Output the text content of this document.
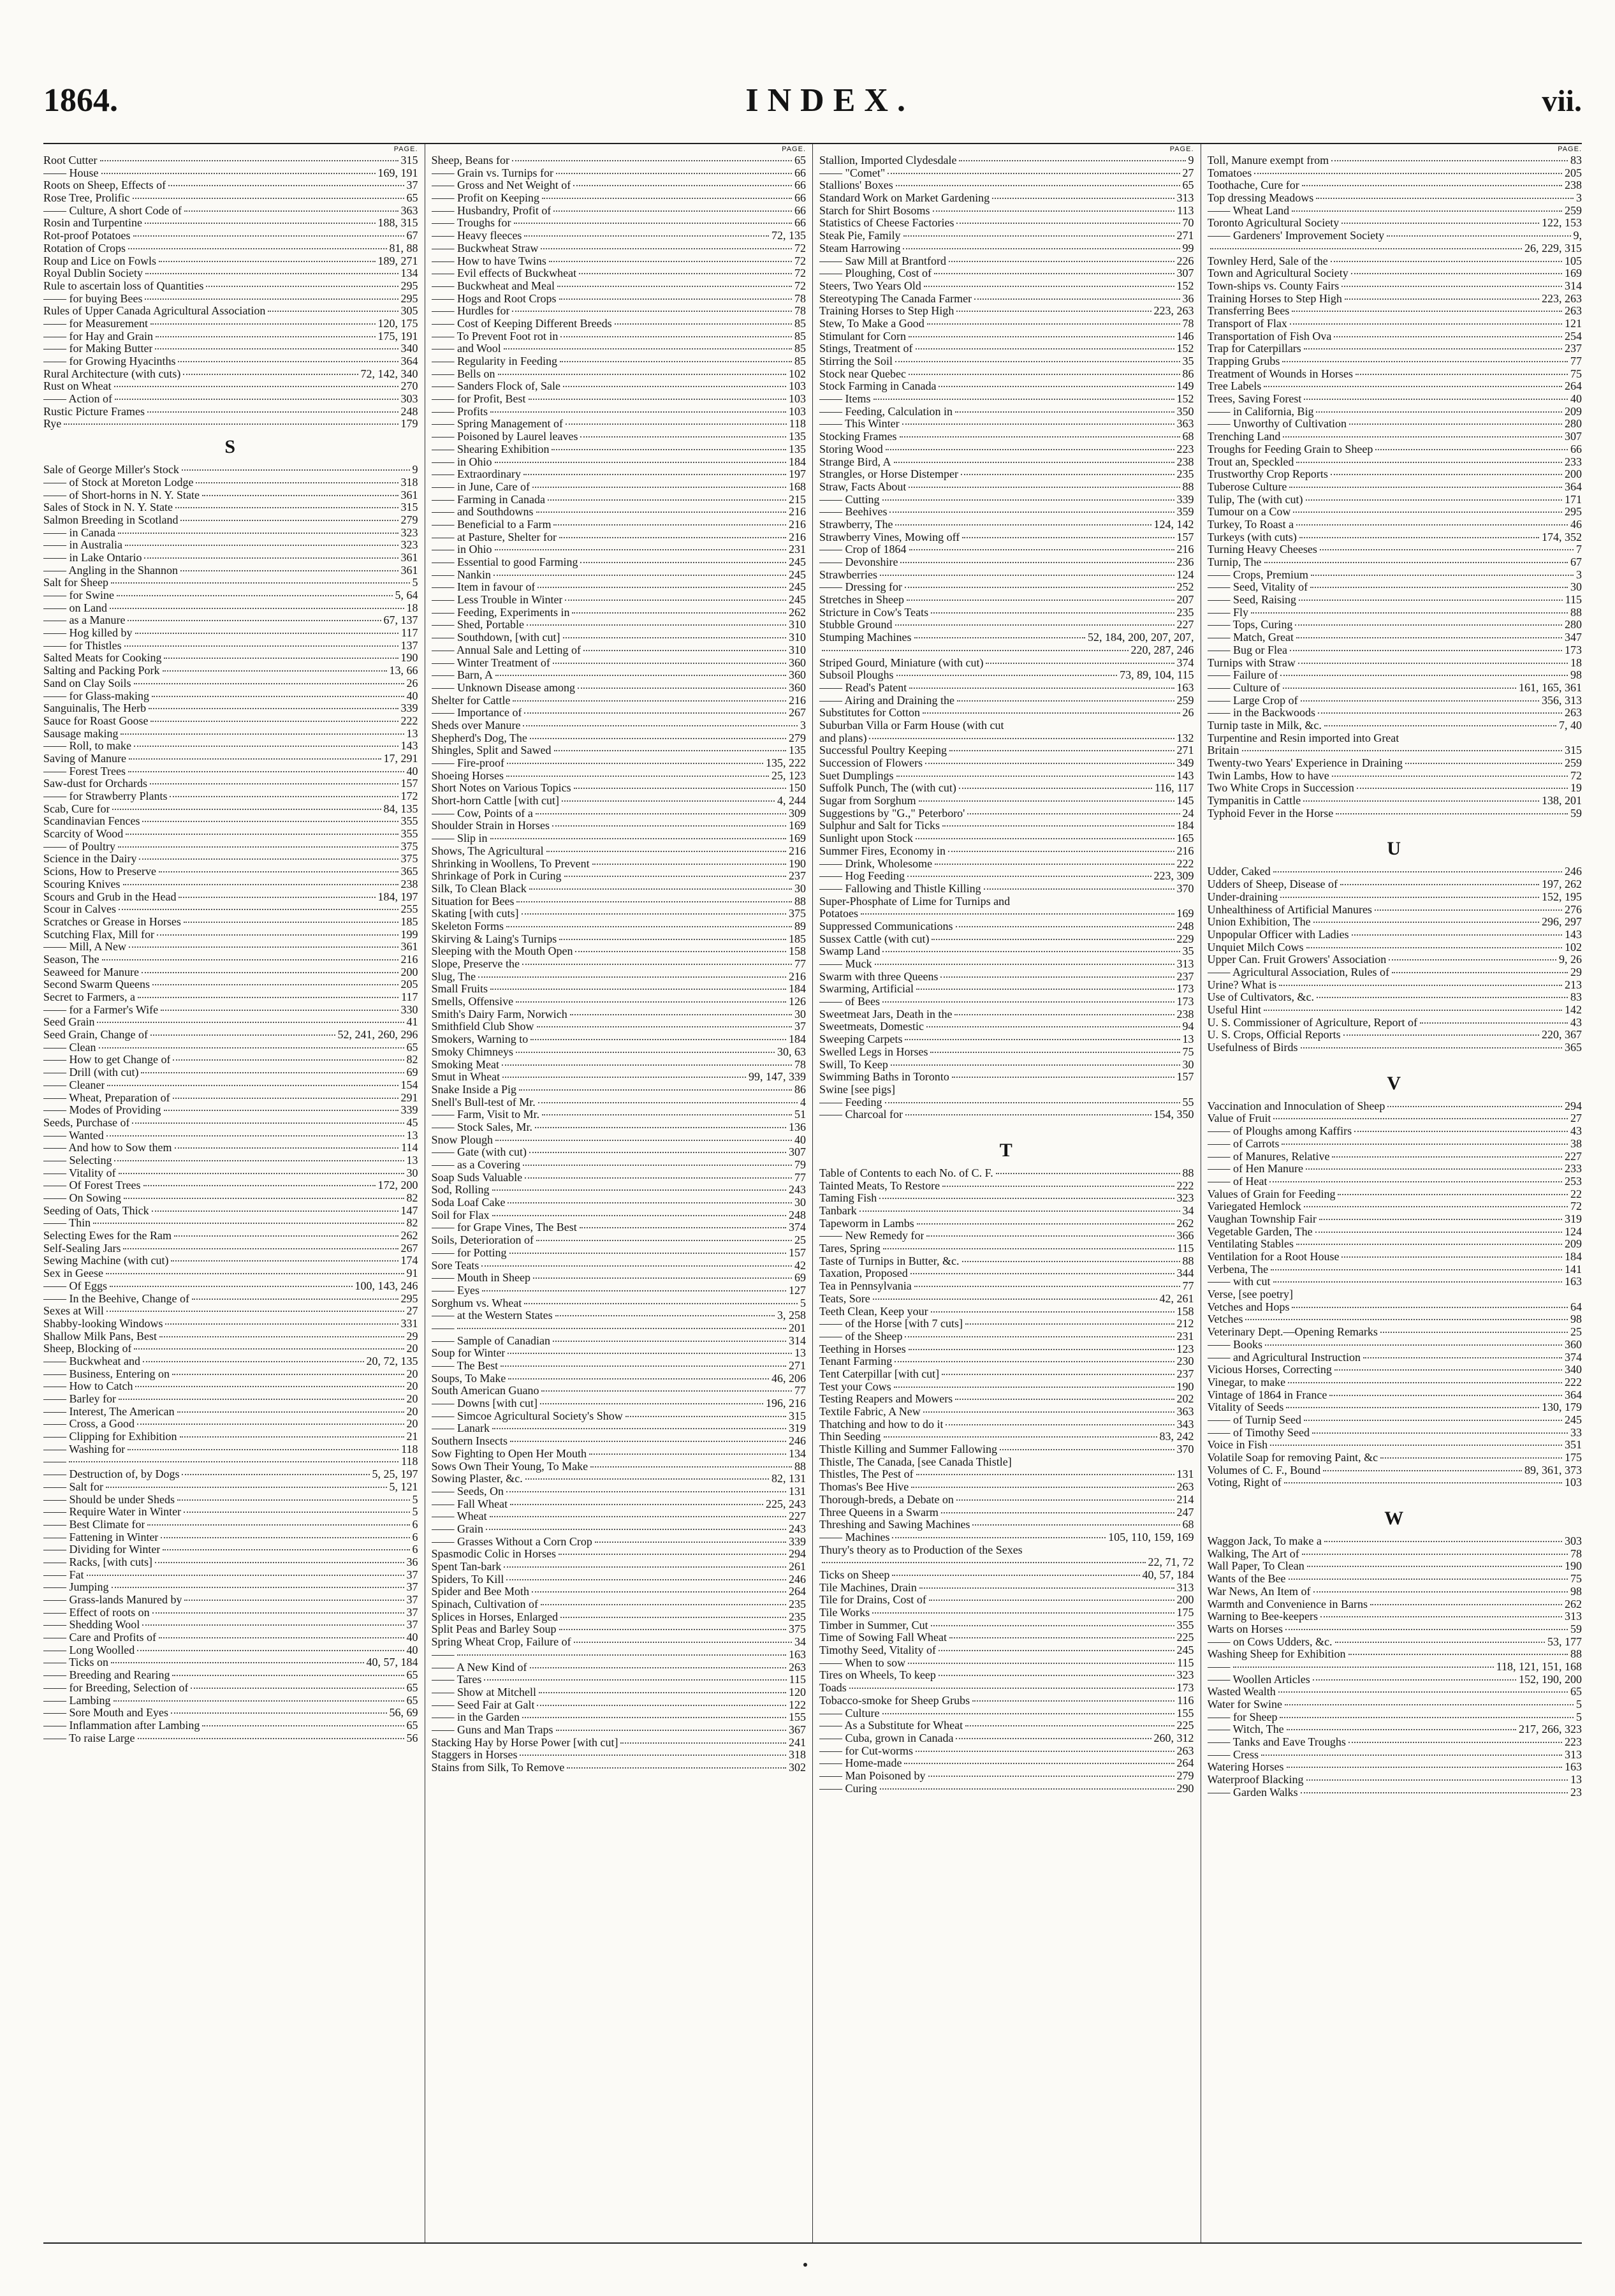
1864.	INDEX.	vii.
PAGE.
Root Cutter	315
—— House	169, 191
Roots on Sheep, Effects of	37
Rose Tree, Prolific	65
—— Culture, A short Code of	363
Rosin and Turpentine	188, 315
Rot-proof Potatoes	67
Rotation of Crops	81, 88
Roup and Lice on Fowls	189, 271
Royal Dublin Society	134
Rule to ascertain loss of Quantities	295
—— for buying Bees	295
Rules of Upper Canada Agricultural Association	305
—— for Measurement	120, 175
—— for Hay and Grain	175, 191
—— for Making Butter	340
—— for Growing Hyacinths	364
Rural Architecture (with cuts)	72, 142, 340
Rust on Wheat	270
—— Action of	303
Rustic Picture Frames	248
Rye	179
S
Sale of George Miller's Stock	9
—— of Stock at Moreton Lodge	318
—— of Short-horns in N. Y. State	361
Sales of Stock in N. Y. State	315
Salmon Breeding in Scotland	279
—— in Canada	323
—— in Australia	323
—— in Lake Ontario	361
—— Angling in the Shannon	361
Salt for Sheep	5
—— for Swine	5, 64
—— on Land	18
—— as a Manure	67, 137
—— Hog killed by	117
—— for Thistles	137
Salted Meats for Cooking	190
Salting and Packing Pork	13, 66
Sand on Clay Soils	26
—— for Glass-making	40
Sanguinalis, The Herb	339
Sauce for Roast Goose	222
Sausage making	13
—— Roll, to make	143
Saving of Manure	17, 291
—— Forest Trees	40
Saw-dust for Orchards	157
—— for Strawberry Plants	172
Scab, Cure for	84, 135
Scandinavian Fences	355
Scarcity of Wood	355
—— of Poultry	375
Science in the Dairy	375
Scions, How to Preserve	365
Scouring Knives	238
Scours and Grub in the Head	184, 197
Scour in Calves	255
Scratches or Grease in Horses	185
Scutching Flax, Mill for	199
—— Mill, A New	361
Season, The	216
Seaweed for Manure	200
Second Swarm Queens	205
Secret to Farmers, a	117
—— for a Farmer's Wife	330
Seed Grain	41
Seed Grain, Change of	52, 241, 260, 296
—— Clean	65
—— How to get Change of	82
—— Drill (with cut)	69
—— Cleaner	154
—— Wheat, Preparation of	291
—— Modes of Providing	339
Seeds, Purchase of	45
—— Wanted	13
—— And how to Sow them	114
—— Selecting	13
—— Vitality of	30
—— Of Forest Trees	172, 200
—— On Sowing	82
Seeding of Oats, Thick	147
—— Thin	82
Selecting Ewes for the Ram	262
Self-Sealing Jars	267
Sewing Machine (with cut)	174
Sex in Geese	91
—— Of Eggs	100, 143, 246
—— In the Beehive, Change of	295
Sexes at Will	27
Shabby-looking Windows	331
Shallow Milk Pans, Best	29
Sheep, Blocking of	20
—— Buckwheat and	20, 72, 135
—— Business, Entering on	20
—— How to Catch	20
—— Barley for	20
—— Interest, The American	20
—— Cross, a Good	20
—— Clipping for Exhibition	21
—— Washing for	118
——	118
—— Destruction of, by Dogs	5, 25, 197
—— Salt for	5, 121
—— Should be under Sheds	5
—— Require Water in Winter	5
—— Best Climate for	6
—— Fattening in Winter	6
—— Dividing for Winter	6
—— Racks, [with cuts]	36
—— Fat	37
—— Jumping	37
—— Grass-lands Manured by	37
—— Effect of roots on	37
—— Shedding Wool	37
—— Care and Profits of	40
—— Long Woolled	40
—— Ticks on	40, 57, 184
—— Breeding and Rearing	65
—— for Breeding, Selection of	65
—— Lambing	65
—— Sore Mouth and Eyes	56, 69
—— Inflammation after Lambing	65
—— To raise Large	56
PAGE.
Sheep, Beans for	65
—— Grain vs. Turnips for	66
—— Gross and Net Weight of	66
—— Profit on Keeping	66
—— Husbandry, Profit of	66
—— Troughs for	66
—— Heavy fleeces	72, 135
—— Buckwheat Straw	72
—— How to have Twins	72
—— Evil effects of Buckwheat	72
—— Buckwheat and Meal	72
—— Hogs and Root Crops	78
—— Hurdles for	78
—— Cost of Keeping Different Breeds	85
—— To Prevent Foot rot in	85
—— and Wool	85
—— Regularity in Feeding	85
—— Bells on	102
—— Sanders Flock of, Sale	103
—— for Profit, Best	103
—— Profits	103
—— Spring Management of	118
—— Poisoned by Laurel leaves	135
—— Shearing Exhibition	135
—— in Ohio	184
—— Extraordinary	197
—— in June, Care of	168
—— Farming in Canada	215
—— and Southdowns	216
—— Beneficial to a Farm	216
—— at Pasture, Shelter for	216
—— in Ohio	231
—— Essential to good Farming	245
—— Nankin	245
—— Item in favour of	245
—— Less Trouble in Winter	245
—— Feeding, Experiments in	262
—— Shed, Portable	310
—— Southdown, [with cut]	310
—— Annual Sale and Letting of	310
—— Winter Treatment of	360
—— Barn, A	360
—— Unknown Disease among	360
Shelter for Cattle	216
—— Importance of	267
Sheds over Manure	3
Shepherd's Dog, The	279
Shingles, Split and Sawed	135
—— Fire-proof	135, 222
Shoeing Horses	25, 123
Short Notes on Various Topics	150
Short-horn Cattle [with cut]	4, 244
—— Cow, Points of a	309
Shoulder Strain in Horses	169
—— Slip in	169
Shows, The Agricultural	216
Shrinking in Woollens, To Prevent	190
Shrinkage of Pork in Curing	237
Silk, To Clean Black	30
Situation for Bees	88
Skating [with cuts]	375
Skeleton Forms	89
Skirving & Laing's Turnips	185
Sleeping with the Mouth Open	158
Slope, Preserve the	77
Slug, The	216
Small Fruits	184
Smells, Offensive	126
Smith's Dairy Farm, Norwich	30
Smithfield Club Show	37
Smokers, Warning to	184
Smoky Chimneys	30, 63
Smoking Meat	78
Smut in Wheat	99, 147, 339
Snake Inside a Pig	86
Snell's Bull-test of Mr.	4
—— Farm, Visit to Mr.	51
—— Stock Sales, Mr.	136
Snow Plough	40
—— Gate (with cut)	307
—— as a Covering	79
Soap Suds Valuable	77
Sod, Rolling	243
Soda Loaf Cake	30
Soil for Flax	248
—— for Grape Vines, The Best	374
Soils, Deterioration of	25
—— for Potting	157
Sore Teats	42
—— Mouth in Sheep	69
—— Eyes	127
Sorghum vs. Wheat	5
—— at the Western States	3, 258
——	201
—— Sample of Canadian	314
Soup for Winter	13
—— The Best	271
Soups, To Make	46, 206
South American Guano	77
—— Downs [with cut]	196, 216
—— Simcoe Agricultural Society's Show	315
—— Lanark	319
Southern Insects	246
Sow Fighting to Open Her Mouth	134
Sows Own Their Young, To Make	88
Sowing Plaster, &c.	82, 131
—— Seeds, On	131
—— Fall Wheat	225, 243
—— Wheat	227
—— Grain	243
—— Grasses Without a Corn Crop	339
Spasmodic Colic in Horses	294
Spent Tan-bark	261
Spiders, To Kill	246
Spider and Bee Moth	264
Spinach, Cultivation of	235
Splices in Horses, Enlarged	235
Split Peas and Barley Soup	375
Spring Wheat Crop, Failure of	34
——	163
—— A New Kind of	263
—— Tares	115
—— Show at Mitchell	120
—— Seed Fair at Galt	122
—— in the Garden	155
—— Guns and Man Traps	367
Stacking Hay by Horse Power [with cut]	241
Staggers in Horses	318
Stains from Silk, To Remove	302
PAGE.
Stallion, Imported Clydesdale	9
—— "Comet"	27
Stallions' Boxes	65
Standard Work on Market Gardening	313
Starch for Shirt Bosoms	113
Statistics of Cheese Factories	70
Steak Pie, Family	271
Steam Harrowing	99
—— Saw Mill at Brantford	226
—— Ploughing, Cost of	307
Steers, Two Years Old	152
Stereotyping The Canada Farmer	36
Training Horses to Step High	223, 263
Stew, To Make a Good	78
Stimulant for Corn	146
Stings, Treatment of	152
Stirring the Soil	35
Stock near Quebec	86
Stock Farming in Canada	149
—— Items	152
—— Feeding, Calculation in	350
—— This Winter	363
Stocking Frames	68
Storing Wood	223
Strange Bird, A	238
Strangles, or Horse Distemper	235
Straw, Facts About	88
—— Cutting	339
—— Beehives	359
Strawberry, The	124, 142
Strawberry Vines, Mowing off	157
—— Crop of 1864	216
—— Devonshire	236
Strawberries	124
—— Dressing for	252
Stretches in Sheep	207
Stricture in Cow's Teats	235
Stubble Ground	227
Stumping Machines	52, 184, 200, 207, 207,
220, 287, 246
Striped Gourd, Miniature (with cut)	374
Subsoil Ploughs	73, 89, 104, 115
—— Read's Patent	163
—— Airing and Draining the	259
Substitutes for Cotton	26
Suburban Villa or Farm House (with cut
and plans)	132
Successful Poultry Keeping	271
Succession of Flowers	349
Suet Dumplings	143
Suffolk Punch, The (with cut)	116, 117
Sugar from Sorghum	145
Suggestions by "G.," Peterboro'	24
Sulphur and Salt for Ticks	184
Sunlight upon Stock	165
Summer Fires, Economy in	216
—— Drink, Wholesome	222
—— Hog Feeding	223, 309
—— Fallowing and Thistle Killing	370
Super-Phosphate of Lime for Turnips and
Potatoes	169
Suppressed Communications	248
Sussex Cattle (with cut)	229
Swamp Land	35
—— Muck	313
Swarm with three Queens	237
Swarming, Artificial	173
—— of Bees	173
Sweetmeat Jars, Death in the	238
Sweetmeats, Domestic	94
Sweeping Carpets	13
Swelled Legs in Horses	75
Swill, To Keep	30
Swimming Baths in Toronto	157
Swine [see pigs]
—— Feeding	55
—— Charcoal for	154, 350
T
Table of Contents to each No. of C. F.	88
Tainted Meats, To Restore	222
Taming Fish	323
Tanbark	34
Tapeworm in Lambs	262
—— New Remedy for	366
Tares, Spring	115
Taste of Turnips in Butter, &c.	88
Taxation, Proposed	344
Tea in Pennsylvania	77
Teats, Sore	42, 261
Teeth Clean, Keep your	158
—— of the Horse [with 7 cuts]	212
—— of the Sheep	231
Teething in Horses	123
Tenant Farming	230
Tent Caterpillar [with cut]	237
Test your Cows	190
Testing Reapers and Mowers	202
Textile Fabric, A New	363
Thatching and how to do it	343
Thin Seeding	83, 242
Thistle Killing and Summer Fallowing	370
Thistle, The Canada, [see Canada Thistle]
Thistles, The Pest of	131
Thomas's Bee Hive	263
Thorough-breds, a Debate on	214
Three Queens in a Swarm	247
Threshing and Sawing Machines	68
—— Machines	105, 110, 159, 169
Thury's theory as to Production of the Sexes
22, 71, 72
Ticks on Sheep	40, 57, 184
Tile Machines, Drain	313
Tile for Drains, Cost of	200
Tile Works	175
Timber in Summer, Cut	355
Time of Sowing Fall Wheat	225
Timothy Seed, Vitality of	245
—— When to sow	115
Tires on Wheels, To keep	323
Toads	173
Tobacco-smoke for Sheep Grubs	116
—— Culture	155
—— As a Substitute for Wheat	225
—— Cuba, grown in Canada	260, 312
—— for Cut-worms	263
—— Home-made	264
—— Man Poisoned by	279
—— Curing	290
PAGE.
Toll, Manure exempt from	83
Tomatoes	205
Toothache, Cure for	238
Top dressing Meadows	3
—— Wheat Land	259
Toronto Agricultural Society	122, 153
—— Gardeners' Improvement Society	9,
26, 229, 315
Townley Herd, Sale of the	105
Town and Agricultural Society	169
Town-ships vs. County Fairs	314
Training Horses to Step High	223, 263
Transferring Bees	263
Transport of Flax	121
Transportation of Fish Ova	254
Trap for Caterpillars	237
Trapping Grubs	77
Treatment of Wounds in Horses	75
Tree Labels	264
Trees, Saving Forest	40
—— in California, Big	209
—— Unworthy of Cultivation	280
Trenching Land	307
Troughs for Feeding Grain to Sheep	66
Trout an, Speckled	233
Trustworthy Crop Reports	200
Tuberose Culture	364
Tulip, The (with cut)	171
Tumour on a Cow	295
Turkey, To Roast a	46
Turkeys (with cuts)	174, 352
Turning Heavy Cheeses	7
Turnip, The	67
—— Crops, Premium	3
—— Seed, Vitality of	30
—— Seed, Raising	115
—— Fly	88
—— Tops, Curing	280
—— Match, Great	347
—— Bug or Flea	173
Turnips with Straw	18
—— Failure of	98
—— Culture of	161, 165, 361
—— Large Crop of	356, 313
—— in the Backwoods	263
Turnip taste in Milk, &c.	7, 40
Turpentine and Resin imported into Great
Britain	315
Twenty-two Years' Experience in Draining	259
Twin Lambs, How to have	72
Two White Crops in Succession	19
Tympanitis in Cattle	138, 201
Typhoid Fever in the Horse	59
U
Udder, Caked	246
Udders of Sheep, Disease of	197, 262
Under-draining	152, 195
Unhealthiness of Artificial Manures	276
Union Exhibition, The	296, 297
Unpopular Officer with Ladies	143
Unquiet Milch Cows	102
Upper Can. Fruit Growers' Association	9, 26
—— Agricultural Association, Rules of	29
Urine? What is	213
Use of Cultivators, &c.	83
Useful Hint	142
U. S. Commissioner of Agriculture, Report of	43
U. S. Crops, Official Reports	220, 367
Usefulness of Birds	365
V
Vaccination and Innoculation of Sheep	294
Value of Fruit	27
—— of Ploughs among Kaffirs	43
—— of Carrots	38
—— of Manures, Relative	227
—— of Hen Manure	233
—— of Heat	253
Values of Grain for Feeding	22
Variegated Hemlock	72
Vaughan Township Fair	319
Vegetable Garden, The	124
Ventilating Stables	209
Ventilation for a Root House	184
Verbena, The	141
—— with cut	163
Verse, [see poetry]
Vetches and Hops	64
Vetches	98
Veterinary Dept.—Opening Remarks	25
—— Books	360
—— and Agricultural Instruction	374
Vicious Horses, Correcting	340
Vinegar, to make	222
Vintage of 1864 in France	364
Vitality of Seeds	130, 179
—— of Turnip Seed	245
—— of Timothy Seed	33
Voice in Fish	351
Volatile Soap for removing Paint, &c	175
Volumes of C. F., Bound	89, 361, 373
Voting, Right of	103
W
Waggon Jack, To make a	303
Walking, The Art of	78
Wall Paper, To Clean	190
Wants of the Bee	75
War News, An Item of	98
Warmth and Convenience in Barns	262
Warning to Bee-keepers	313
Warts on Horses	59
—— on Cows Udders, &c.	53, 177
Washing Sheep for Exhibition	88
——	118, 121, 151, 168
—— Woollen Articles	152, 190, 200
Wasted Wealth	65
Water for Swine	5
—— for Sheep	5
—— Witch, The	217, 266, 323
—— Tanks and Eave Troughs	223
—— Cress	313
Watering Horses	163
Waterproof Blacking	13
—— Garden Walks	23
